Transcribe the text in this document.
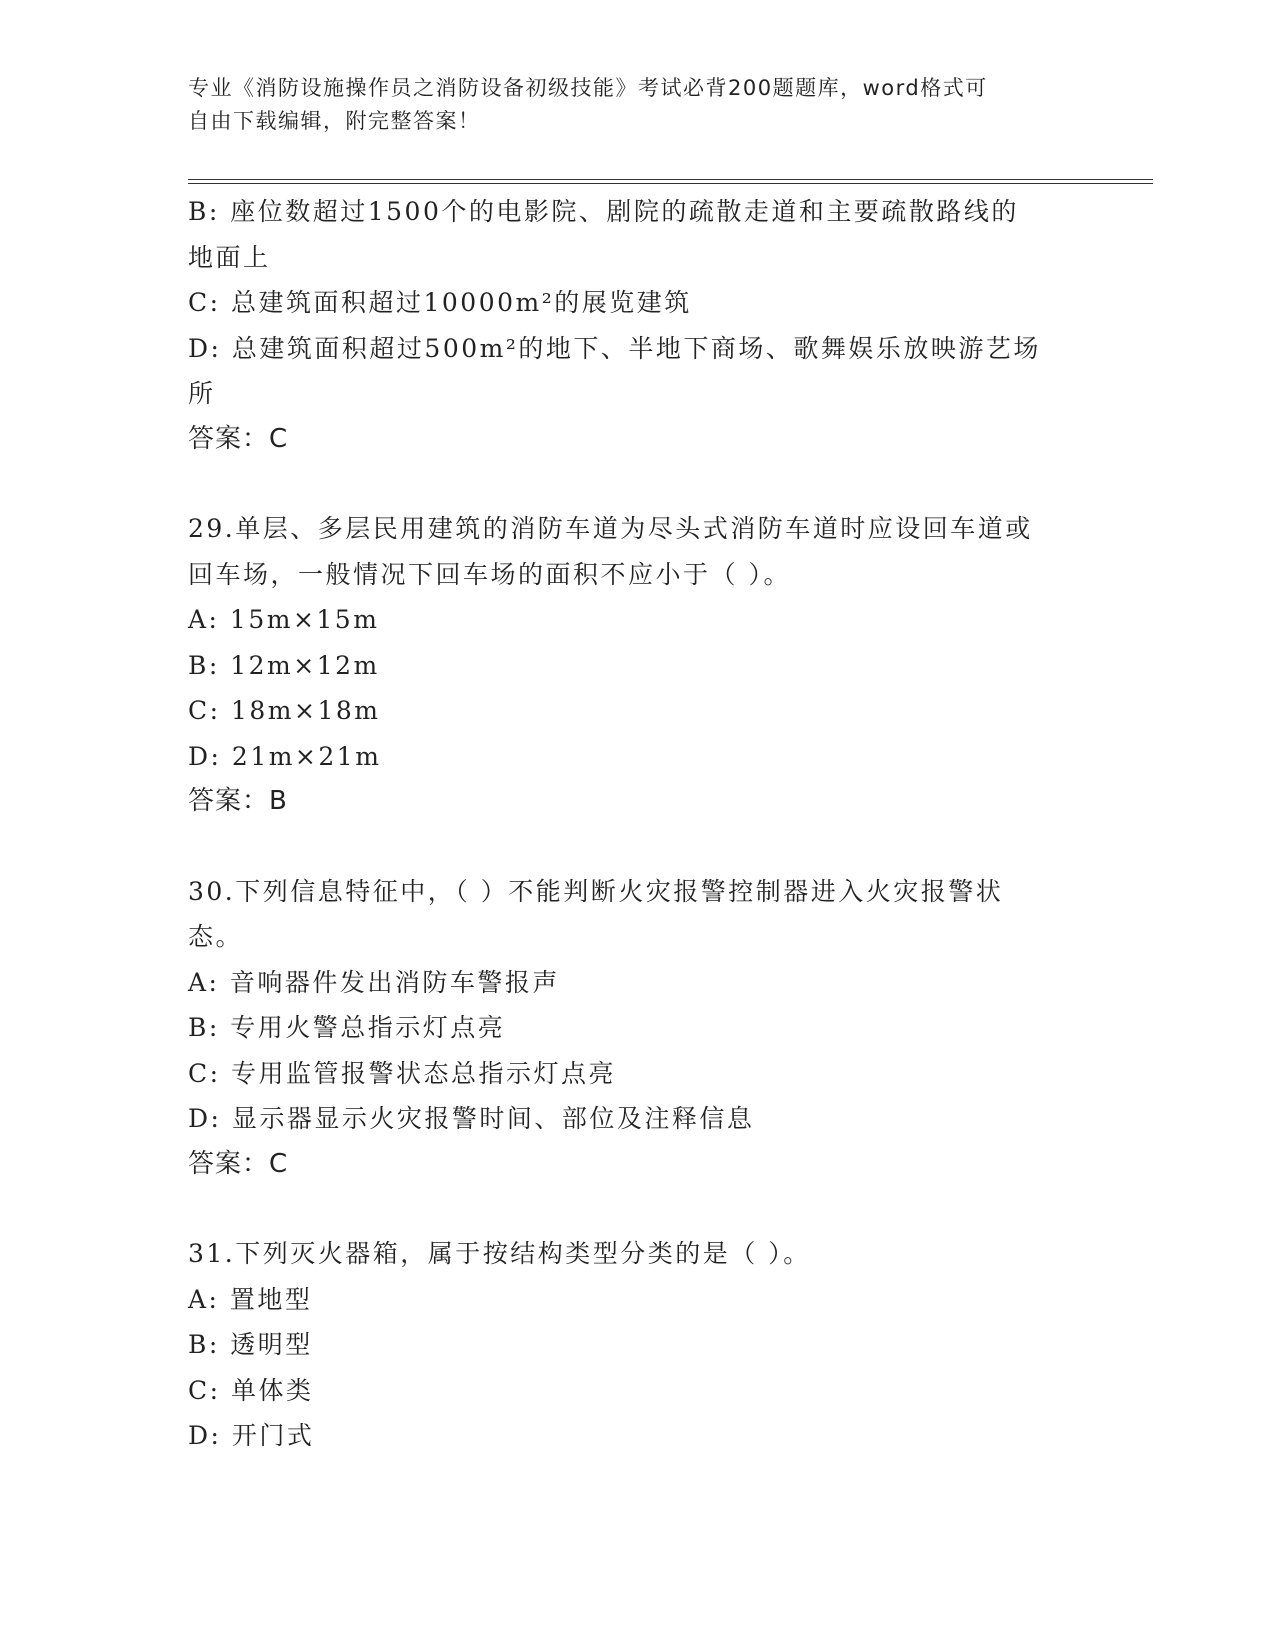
专业《消防设施操作员之消防设备初级技能》考试必背200题题库，word格式可
自由下载编辑，附完整答案！
B: 座位数超过1500个的电影院、剧院的疏散走道和主要疏散路线的
地面上
C: 总建筑面积超过10000m²的展览建筑
D: 总建筑面积超过500m²的地下、半地下商场、歌舞娱乐放映游艺场
所
答案：C
29.单层、多层民用建筑的消防车道为尽头式消防车道时应设回车道或
回车场，一般情况下回车场的面积不应小于（ ）。
A: 15m×15m
B: 12m×12m
C: 18m×18m
D: 21m×21m
答案：B
30.下列信息特征中，（ ）不能判断火灾报警控制器进入火灾报警状
态。
A: 音响器件发出消防车警报声
B: 专用火警总指示灯点亮
C: 专用监管报警状态总指示灯点亮
D: 显示器显示火灾报警时间、部位及注释信息
答案：C
31.下列灭火器箱，属于按结构类型分类的是（ ）。
A: 置地型
B: 透明型
C: 单体类
D: 开门式
